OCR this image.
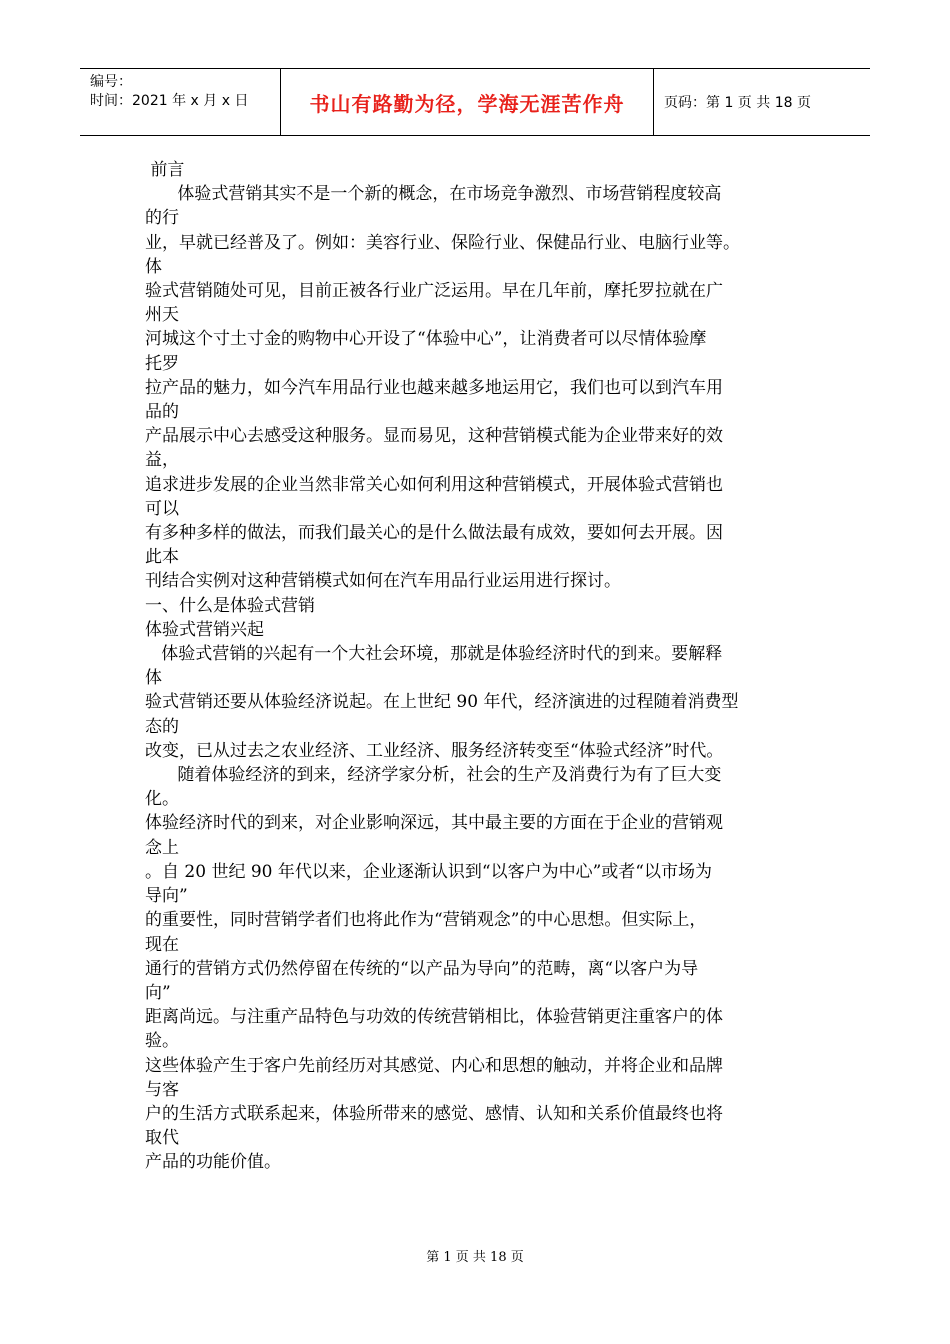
编号：
时间：2021 年 x 月 x 日	书山有路勤为径，学海无涯苦作舟	页码：第 1 页 共 18 页

前言

体验式营销其实不是一个新的概念，在市场竞争激烈、市场营销程度较高

的行

业，早就已经普及了。例如：美容行业、保险行业、保健品行业、电脑行业等。

体

验式营销随处可见，目前正被各行业广泛运用。早在几年前，摩托罗拉就在广

州天

河城这个寸土寸金的购物中心开设了“体验中心”，让消费者可以尽情体验摩

托罗

拉产品的魅力，如今汽车用品行业也越来越多地运用它，我们也可以到汽车用

品的

产品展示中心去感受这种服务。显而易见，这种营销模式能为企业带来好的效

益，

追求进步发展的企业当然非常关心如何利用这种营销模式，开展体验式营销也

可以

有多种多样的做法，而我们最关心的是什么做法最有成效，要如何去开展。因

此本

刊结合实例对这种营销模式如何在汽车用品行业运用进行探讨。

一、什么是体验式营销

体验式营销兴起

体验式营销的兴起有一个大社会环境，那就是体验经济时代的到来。要解释

体

验式营销还要从体验经济说起。在上世纪 90 年代，经济演进的过程随着消费型

态的

改变，已从过去之农业经济、工业经济、服务经济转变至“体验式经济”时代。

随着体验经济的到来，经济学家分析，社会的生产及消费行为有了巨大变

化。

体验经济时代的到来，对企业影响深远，其中最主要的方面在于企业的营销观

念上

。自 20 世纪 90 年代以来，企业逐渐认识到“以客户为中心”或者“以市场为

导向”

的重要性，同时营销学者们也将此作为“营销观念”的中心思想。但实际上，

现在

通行的营销方式仍然停留在传统的“以产品为导向”的范畴，离“以客户为导

向”

距离尚远。与注重产品特色与功效的传统营销相比，体验营销更注重客户的体

验。

这些体验产生于客户先前经历对其感觉、内心和思想的触动，并将企业和品牌

与客

户的生活方式联系起来，体验所带来的感觉、感情、认知和关系价值最终也将

取代

产品的功能价值。

第 1 页 共 18 页
